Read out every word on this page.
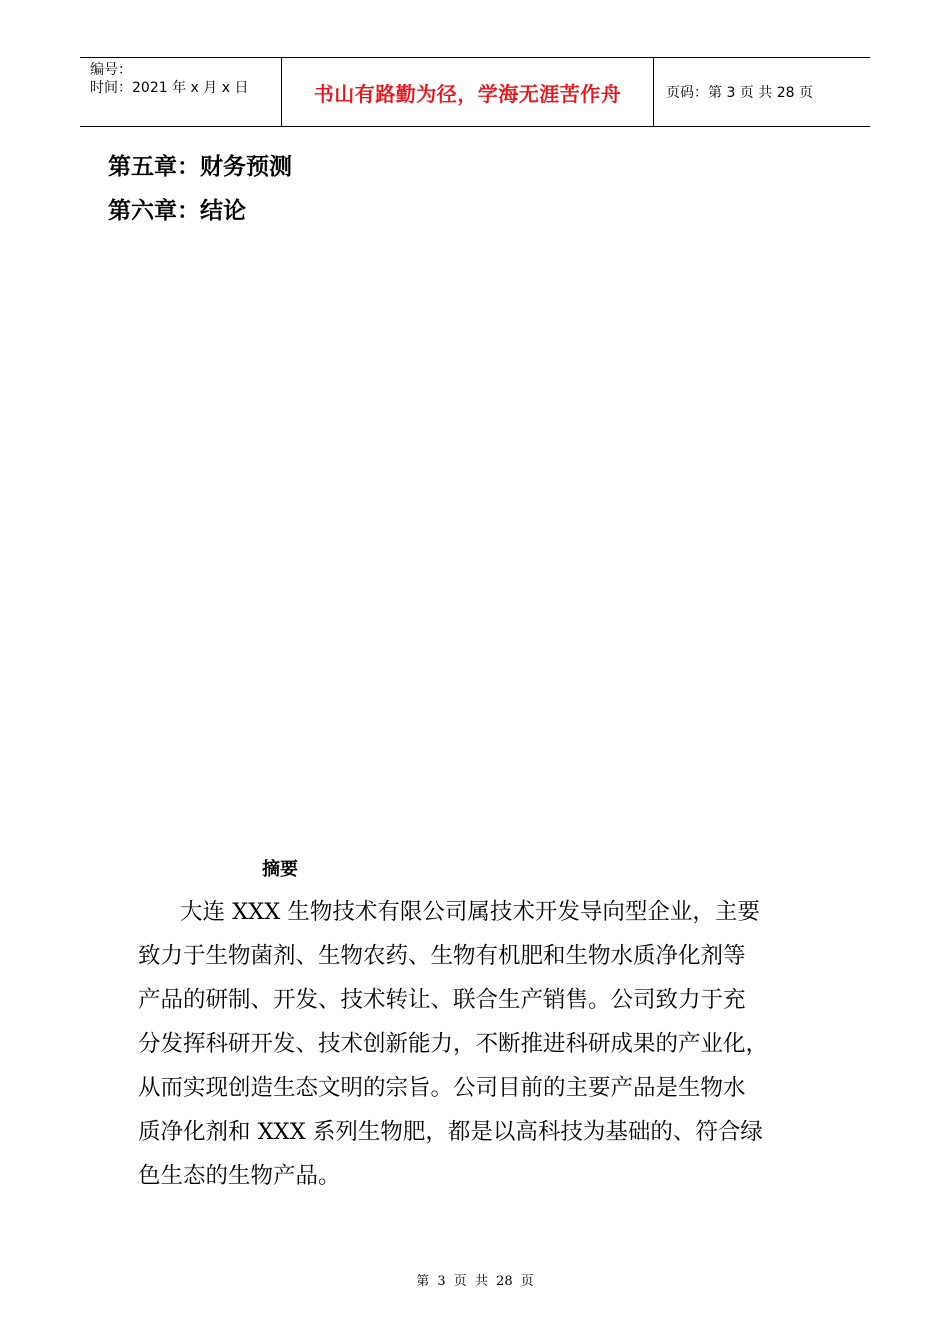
编号：
时间：2021 年 x 月 x 日	书山有路勤为径，学海无涯苦作舟	页码：第 3 页 共 28 页
第五章：财务预测
第六章：结论
摘要
大连 XXX 生物技术有限公司属技术开发导向型企业，主要
致力于生物菌剂、生物农药、生物有机肥和生物水质净化剂等
产品的研制、开发、技术转让、联合生产销售。公司致力于充
分发挥科研开发、技术创新能力，不断推进科研成果的产业化，
从而实现创造生态文明的宗旨。公司目前的主要产品是生物水
质净化剂和 XXX 系列生物肥，都是以高科技为基础的、符合绿
色生态的生物产品。
第 3 页 共 28 页
